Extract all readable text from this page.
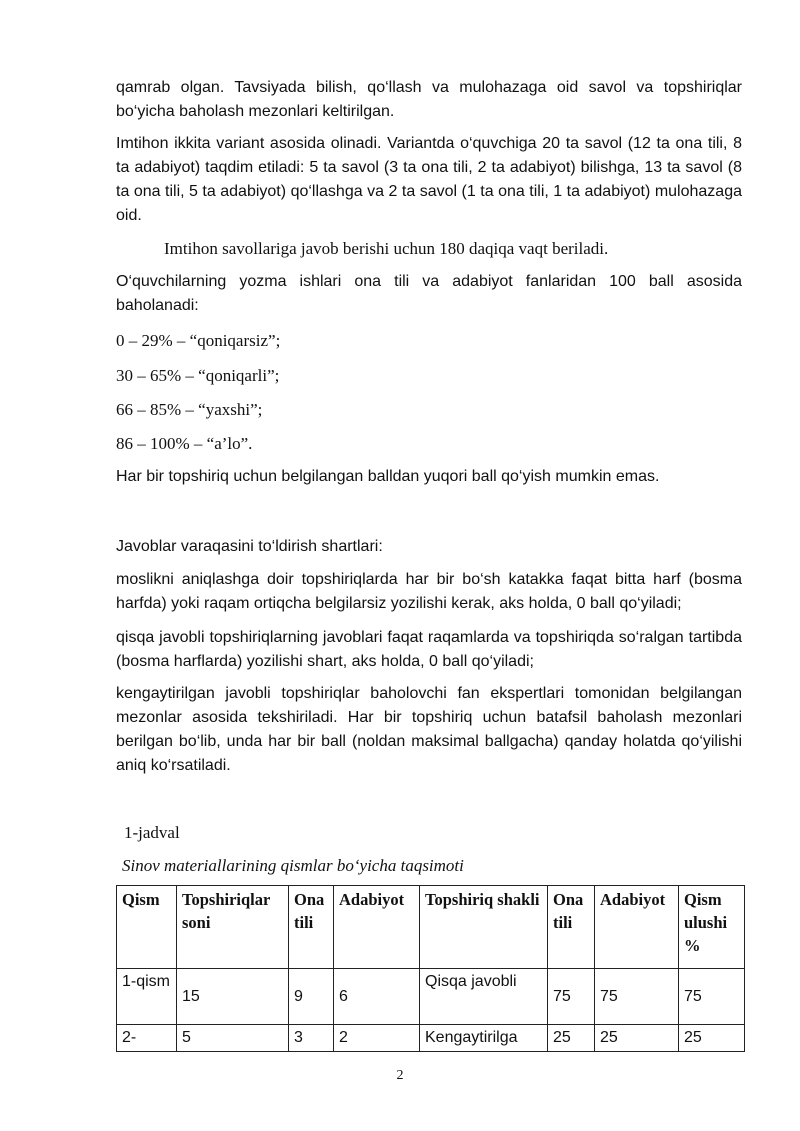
qamrab olgan. Tavsiyada bilish, qo‘llash va mulohazaga oid savol va topshiriqlar bo‘yicha baholash mezonlari keltirilgan.

Imtihon ikkita variant asosida olinadi. Variantda o‘quvchiga 20 ta savol (12 ta ona tili, 8 ta adabiyot) taqdim etiladi: 5 ta savol (3 ta ona tili, 2 ta adabiyot) bilishga, 13 ta savol (8 ta ona tili, 5 ta adabiyot) qo‘llashga va 2 ta savol (1 ta ona tili, 1 ta adabiyot) mulohazaga oid.

Imtihon savollariga javob berishi uchun 180 daqiqa vaqt beriladi.

O‘quvchilarning yozma ishlari ona tili va adabiyot fanlaridan 100 ball asosida baholanadi:

0 – 29% – “qoniqarsiz”;

30 – 65% – “qoniqarli”;

66 – 85% – “yaxshi”;

86 – 100% – “a’lo”.

Har bir topshiriq uchun belgilangan balldan yuqori ball qo‘yish mumkin emas.

Javoblar varaqasini to‘ldirish shartlari:

moslikni aniqlashga doir topshiriqlarda har bir bo‘sh katakka faqat bitta harf (bosma harfda) yoki raqam ortiqcha belgilarsiz yozilishi kerak, aks holda, 0 ball qo‘yiladi;

qisqa javobli topshiriqlarning javoblari faqat raqamlarda va topshiriqda so‘ralgan tartibda (bosma harflarda) yozilishi shart, aks holda, 0 ball qo‘yiladi;

kengaytirilgan javobli topshiriqlar baholovchi fan ekspertlari tomonidan belgilangan mezonlar asosida tekshiriladi. Har bir topshiriq uchun batafsil baholash mezonlari berilgan bo‘lib, unda har bir ball (noldan maksimal ballgacha) qanday holatda qo‘yilishi aniq ko‘rsatiladi.

1-jadval
Sinov materiallarining qismlar bo‘yicha taqsimoti
Qism	Topshiriqlar soni	Ona tili	Adabiyot	Topshiriq shakli	Ona tili	Adabiyot	Qism ulushi %
1-qism	15	9	6	Qisqa javobli	75	75	75
2-	5	3	2	Kengaytirilga	25	25	25
2
